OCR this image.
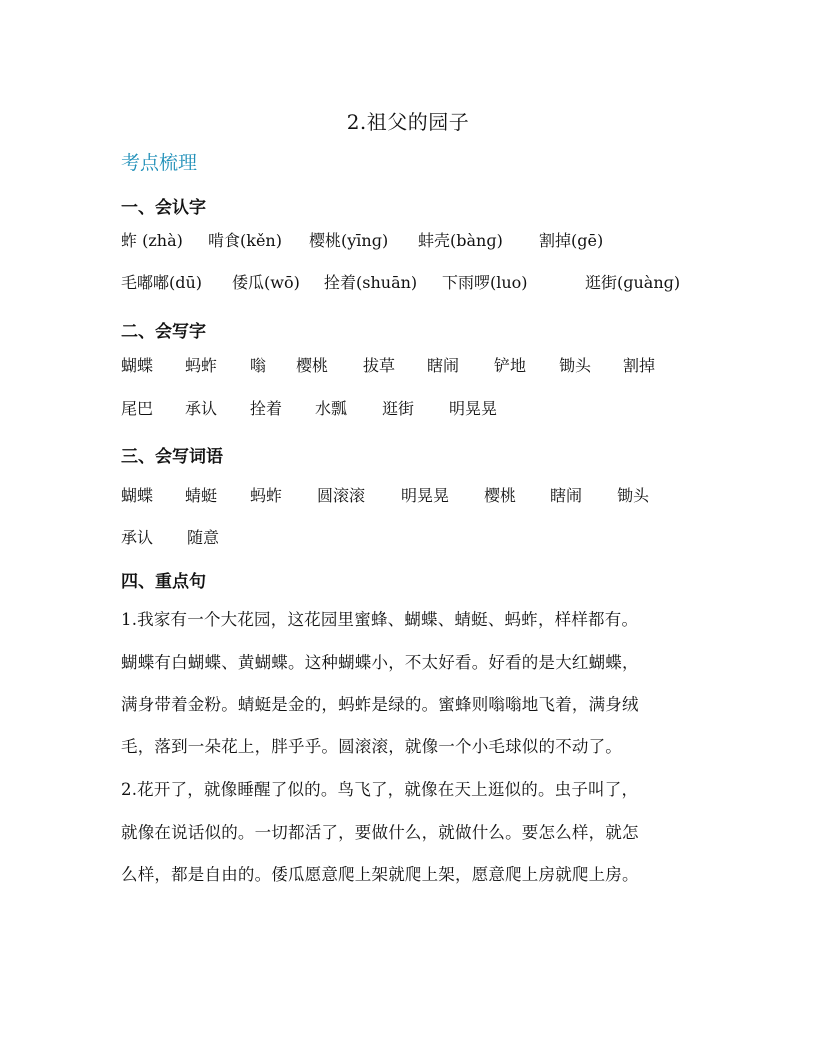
2.祖父的园子
考点梳理
一、会认字
蚱 (zhà) 啃食(kěn) 樱桃(yīnɡ) 蚌壳(bànɡ) 割掉(gē)
毛嘟嘟(dū) 倭瓜(wō) 拴着(shuān) 下雨啰(luo)	逛街(ɡuànɡ)
二、会写字
蝴蝶 蚂蚱 嗡 樱桃 拔草 瞎闹 铲地 锄头 割掉
尾巴 承认 拴着 水瓢 逛街 明晃晃
三、会写词语
蝴蝶 蜻蜓 蚂蚱 圆滚滚 明晃晃 樱桃 瞎闹 锄头
承认 随意
四、重点句
1.我家有一个大花园，这花园里蜜蜂、蝴蝶、蜻蜓、蚂蚱，样样都有。
蝴蝶有白蝴蝶、黄蝴蝶。这种蝴蝶小，不太好看。好看的是大红蝴蝶，
满身带着金粉。蜻蜓是金的，蚂蚱是绿的。蜜蜂则嗡嗡地飞着，满身绒
毛，落到一朵花上，胖乎乎。圆滚滚，就像一个小毛球似的不动了。
2.花开了，就像睡醒了似的。鸟飞了，就像在天上逛似的。虫子叫了，
就像在说话似的。一切都活了，要做什么，就做什么。要怎么样，就怎
么样，都是自由的。倭瓜愿意爬上架就爬上架，愿意爬上房就爬上房。
